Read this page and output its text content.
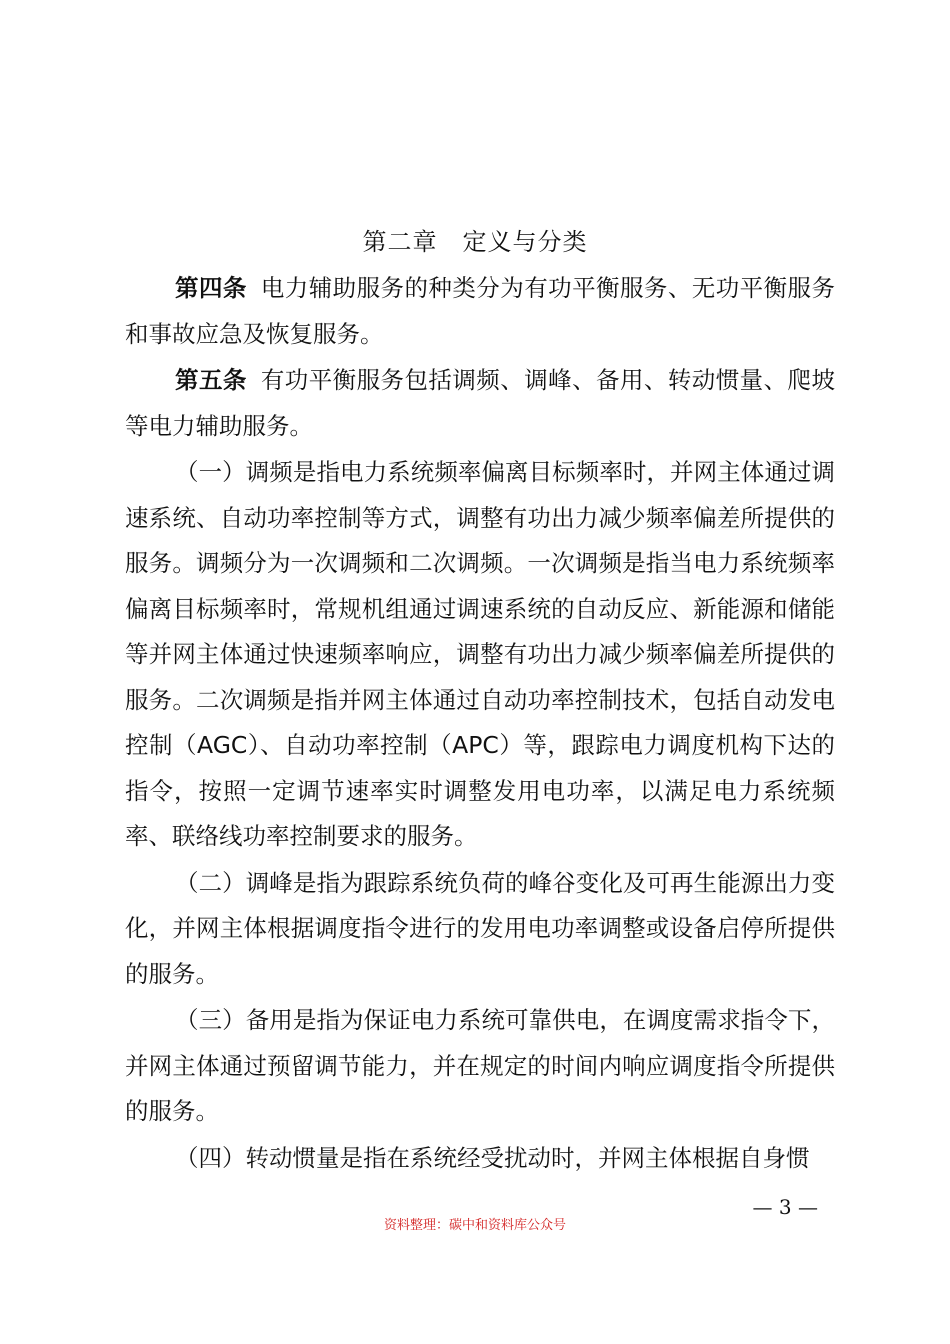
第二章　定义与分类

第四条 电力辅助服务的种类分为有功平衡服务、无功平衡服务和事故应急及恢复服务。

第五条 有功平衡服务包括调频、调峰、备用、转动惯量、爬坡等电力辅助服务。

（一）调频是指电力系统频率偏离目标频率时，并网主体通过调速系统、自动功率控制等方式，调整有功出力减少频率偏差所提供的服务。调频分为一次调频和二次调频。一次调频是指当电力系统频率偏离目标频率时，常规机组通过调速系统的自动反应、新能源和储能等并网主体通过快速频率响应，调整有功出力减少频率偏差所提供的服务。二次调频是指并网主体通过自动功率控制技术，包括自动发电控制（AGC）、自动功率控制（APC）等，跟踪电力调度机构下达的指令，按照一定调节速率实时调整发用电功率，以满足电力系统频率、联络线功率控制要求的服务。

（二）调峰是指为跟踪系统负荷的峰谷变化及可再生能源出力变化，并网主体根据调度指令进行的发用电功率调整或设备启停所提供的服务。

（三）备用是指为保证电力系统可靠供电，在调度需求指令下，并网主体通过预留调节能力，并在规定的时间内响应调度指令所提供的服务。

（四）转动惯量是指在系统经受扰动时，并网主体根据自身惯

— 3 —
资料整理：碳中和资料库公众号
